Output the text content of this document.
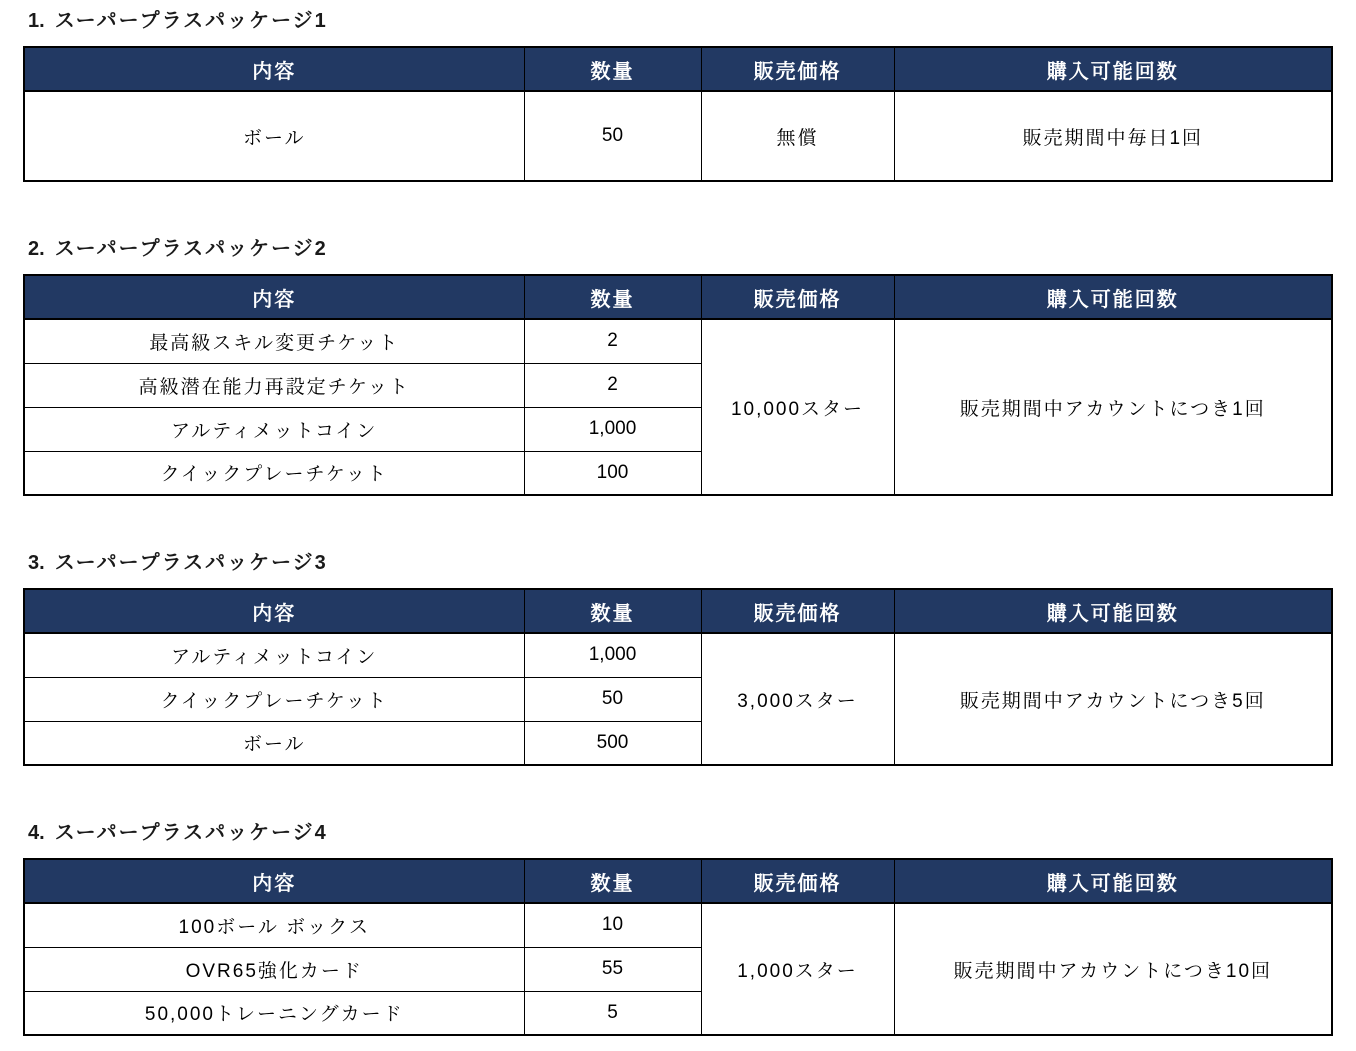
1. スーパープラスパッケージ1
内容	数量	販売価格	購入可能回数
ボール	50	無償	販売期間中毎日1回
2. スーパープラスパッケージ2
内容	数量	販売価格	購入可能回数
最高級スキル変更チケット	2	10,000スター	販売期間中アカウントにつき1回
高級潜在能力再設定チケット	2		
アルティメットコイン	1,000		
クイックプレーチケット	100		
3. スーパープラスパッケージ3
内容	数量	販売価格	購入可能回数
アルティメットコイン	1,000	3,000スター	販売期間中アカウントにつき5回
クイックプレーチケット	50		
ボール	500		
4. スーパープラスパッケージ4
内容	数量	販売価格	購入可能回数
100ボール ボックス	10	1,000スター	販売期間中アカウントにつき10回
OVR65強化カード	55		
50,000トレーニングカード	5		
